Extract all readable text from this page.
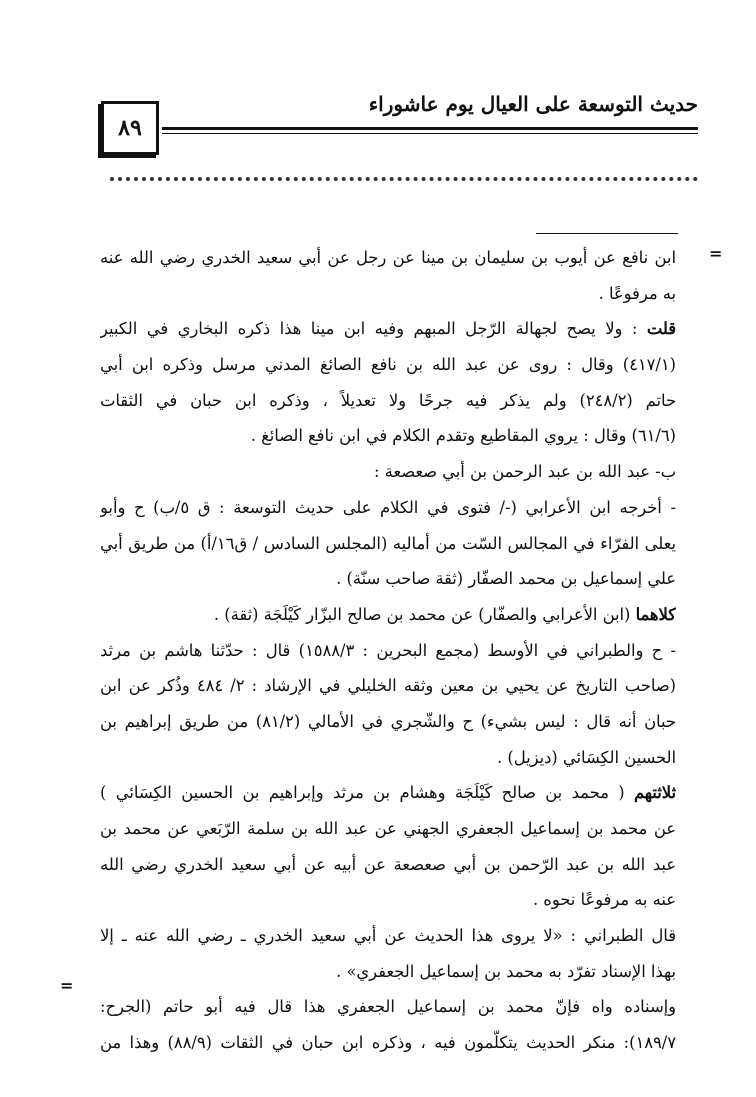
حديث التوسعة على العيال يوم عاشوراء
٨٩
=
=
ابن نافع عن أيوب بن سليمان بن مينا عن رجل عن أبي سعيد الخدري رضي الله عنه
به مرفوعًا .
قلت : ولا يصح لجهالة الرّجل المبهم وفيه ابن مينا هذا ذكره البخاري في الكبير
(٤١٧/١) وقال : روى عن عبد الله بن نافع الصائغ المدني مرسل وذكره ابن أبي
حاتم (٢٤٨/٢) ولم يذكر فيه جرحًا ولا تعديلاً ، وذكره ابن حبان في الثقات
(٦١/٦) وقال : يروي المقاطيع وتقدم الكلام في ابن نافع الصائغ .
ب- عبد الله بن عبد الرحمن بن أبي صعصعة :
- أخرجه ابن الأعرابي (-/ فتوى في الكلام على حديث التوسعة : ق ٥/ب) ح وأبو
يعلى الفرّاء في المجالس السّت من أماليه (المجلس السادس / ق١٦/أ) من طريق أبي
علي إسماعيل بن محمد الصفّار (ثقة صاحب سنّة) .
كلاهما (ابن الأعرابي والصفّار) عن محمد بن صالح البزّار كَيْلَجَة (ثقة) .
- ح والطبراني في الأوسط (مجمع البحرين : ١٥٨٨/٣) قال : حدّثنا هاشم بن مرثد
(صاحب التاريخ عن يحيي بن معين وثقه الخليلي في الإرشاد : ٢/ ٤٨٤ وذُكر عن ابن
حبان أنه قال : ليس بشيء) ح والشّجري في الأمالي (٨١/٢) من طريق إبراهيم بن
الحسين الكِسَائي (ديزيل) .
ثلاثتهم ( محمد بن صالح كَيْلَجَة وهشام بن مرثد وإبراهيم بن الحسين الكِسَائي )
عن محمد بن إسماعيل الجعفري الجهني عن عبد الله بن سلمة الرّبَعي عن محمد بن
عبد الله بن عبد الرّحمن بن أبي صعصعة عن أبيه عن أبي سعيد الخدري رضي الله
عنه به مرفوعًا نحوه .
قال الطبراني : «لا يروى هذا الحديث عن أبي سعيد الخدري ـ رضي الله عنه ـ إلا
بهذا الإسناد تفرّد به محمد بن إسماعيل الجعفري» .
وإسناده واه فإنّ محمد بن إسماعيل الجعفري هذا قال فيه أبو حاتم (الجرح:
١٨٩/٧): منكر الحديث يتكلّمون فيه ، وذكره ابن حبان في الثقات (٨٨/٩) وهذا من
